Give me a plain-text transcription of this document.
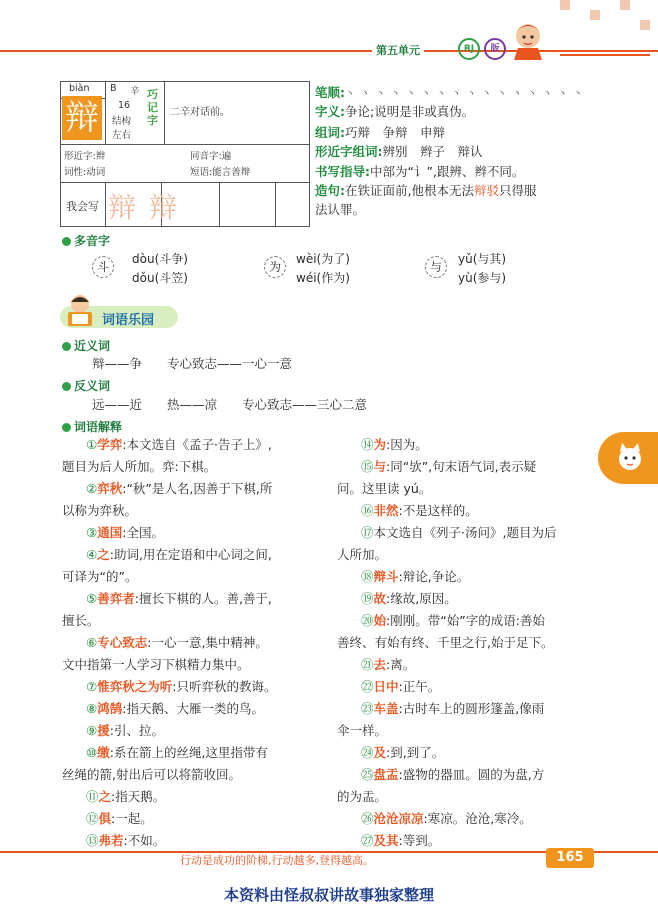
第五单元	RJ	版
biàn B 辛
16
结构
左右
辩
巧记字
二辛对话前。
形近字:辫	同音字:遍
词性:动词	短语:能言善辩
我会写 辩 辩
笔顺:丶 丶 丶 丶 丶 丶 丶 丶 丶 丶 丶 丶 丶 丶 丶 丶
字义:争论;说明是非或真伪。
组词:巧辩　争辩　申辩
形近字组词:辨别　辫子　辩认
书写指导:中部为“讠”,跟辨、辫不同。
造句:在铁证面前,他根本无法辩驳只得服
法认罪。
多音字
斗
dòu(斗争)
dǒu(斗笠)
为
wèi(为了)
wéi(作为)
与
yǔ(与其)
yù(参与)
词语乐园
近义词
辩——争　　专心致志——一心一意
反义词
远——近　　热——凉　　专心致志——三心二意
词语解释
①学弈:本文选自《孟子·告子上》,
题目为后人所加。弈:下棋。
②弈秋:“秋”是人名,因善于下棋,所
以称为弈秋。
③通国:全国。
④之:助词,用在定语和中心词之间,
可译为“的”。
⑤善弈者:擅长下棋的人。善,善于,
擅长。
⑥专心致志:一心一意,集中精神。
文中指第一人学习下棋精力集中。
⑦惟弈秋之为听:只听弈秋的教诲。
⑧鸿鹄:指天鹅、大雁一类的鸟。
⑨援:引、拉。
⑩缴:系在箭上的丝绳,这里指带有
丝绳的箭,射出后可以将箭收回。
⑪之:指天鹅。
⑫俱:一起。
⑬弗若:不如。
⑭为:因为。
⑮与:同“欤”,句末语气词,表示疑
问。这里读 yú。
⑯非然:不是这样的。
⑰本文选自《列子·汤问》,题目为后
人所加。
⑱辩斗:辩论,争论。
⑲故:缘故,原因。
⑳始:刚刚。带“始”字的成语:善始
善终、有始有终、千里之行,始于足下。
㉑去:离。
㉒日中:正午。
㉓车盖:古时车上的圆形篷盖,像雨
伞一样。
㉔及:到,到了。
㉕盘盂:盛物的器皿。圆的为盘,方
的为盂。
㉖沧沧凉凉:寒凉。沧沧,寒冷。
㉗及其:等到。
行动是成功的阶梯,行动越多,登得越高。	165
本资料由怪叔叔讲故事独家整理
